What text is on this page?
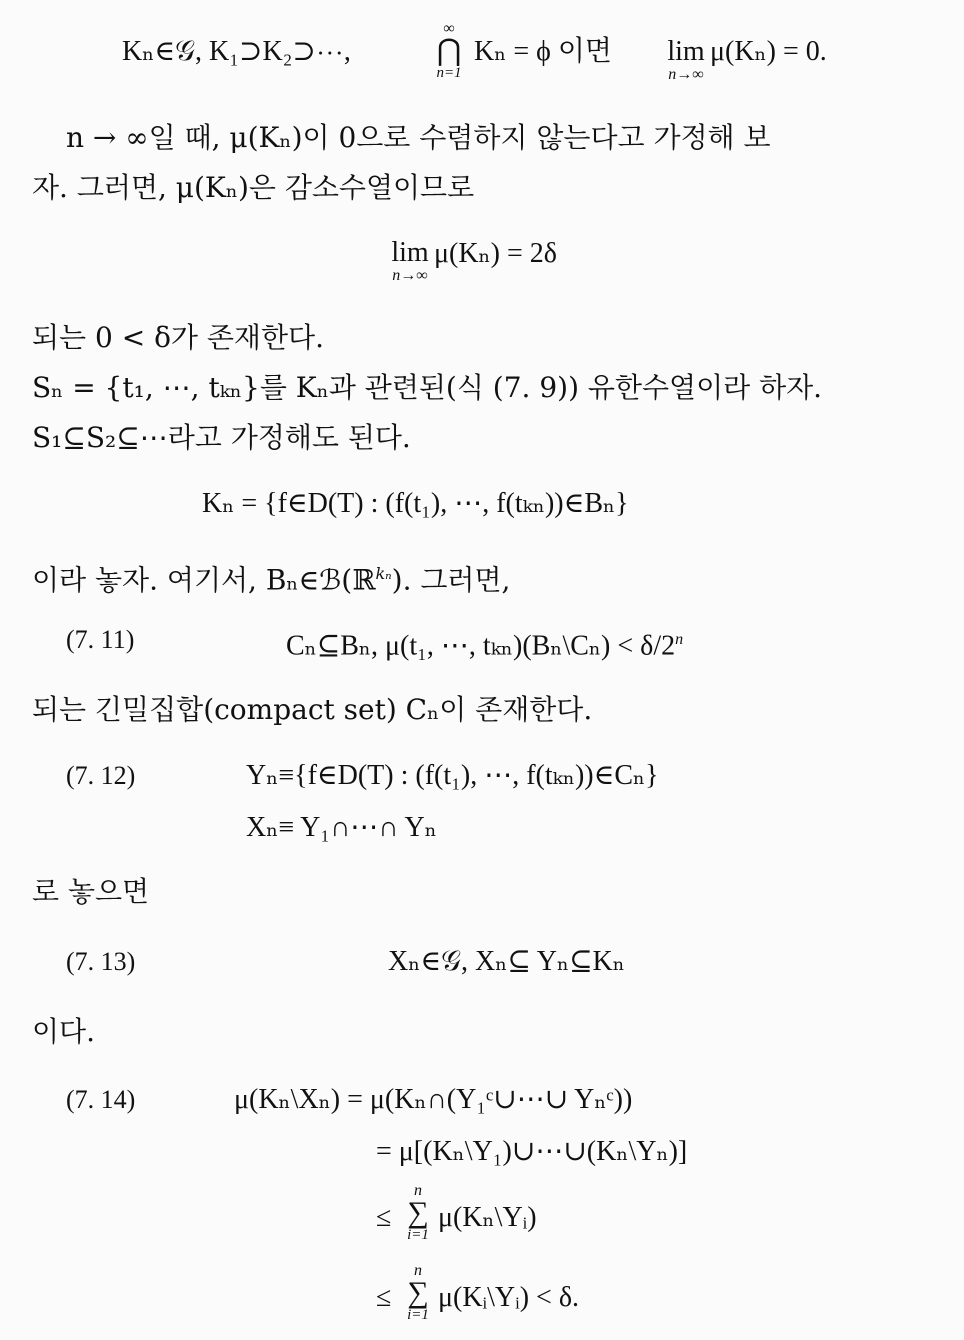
Kₙ∈𝒢, K₁⊃K₂⊃⋯,
∞
⋂
n=1
Kₙ = ϕ 이면 lim
n→∞
μ(Kₙ) = 0.
n → ∞일 때, μ(Kₙ)이 0으로 수렴하지 않는다고 가정해 보
자. 그러면, μ(Kₙ)은 감소수열이므로
lim
n→∞
μ(Kₙ) = 2δ
되는 0 < δ가 존재한다.
Sₙ = {t₁, ⋯, tₖₙ}를 Kₙ과 관련된(식 (7. 9)) 유한수열이라 하자.
S₁⊆S₂⊆⋯라고 가정해도 된다.
Kₙ = {f∈D(T) : (f(t₁), ⋯, f(tₖₙ))∈Bₙ}
이라 놓자. 여기서, Bₙ∈ℬ(ℝ$^{k_n}$). 그러면,
(7. 11)	Cₙ⊆Bₙ, μ(t₁, ⋯, tₖₙ)(Bₙ\Cₙ) < $\delta/2^n$
되는 긴밀집합(compact set) Cₙ이 존재한다.
(7. 12)	Yₙ≡{f∈D(T) : (f(t₁), ⋯, f(tₖₙ))∈Cₙ}
Xₙ≡ Y₁∩⋯∩ Yₙ
로 놓으면
(7. 13)	Xₙ∈𝒢, Xₙ⊆ Yₙ⊆Kₙ
이다.
(7. 14)	μ(Kₙ\Xₙ) = μ(Kₙ∩(Y₁ᶜ∪⋯∪ Yₙᶜ))
= μ[(Kₙ\Y₁)∪⋯∪(Kₙ\Yₙ)]
≤
n
∑
i=1
μ(Kₙ\Yᵢ)
≤
n
∑
i=1
μ(Kᵢ\Yᵢ) < δ.
